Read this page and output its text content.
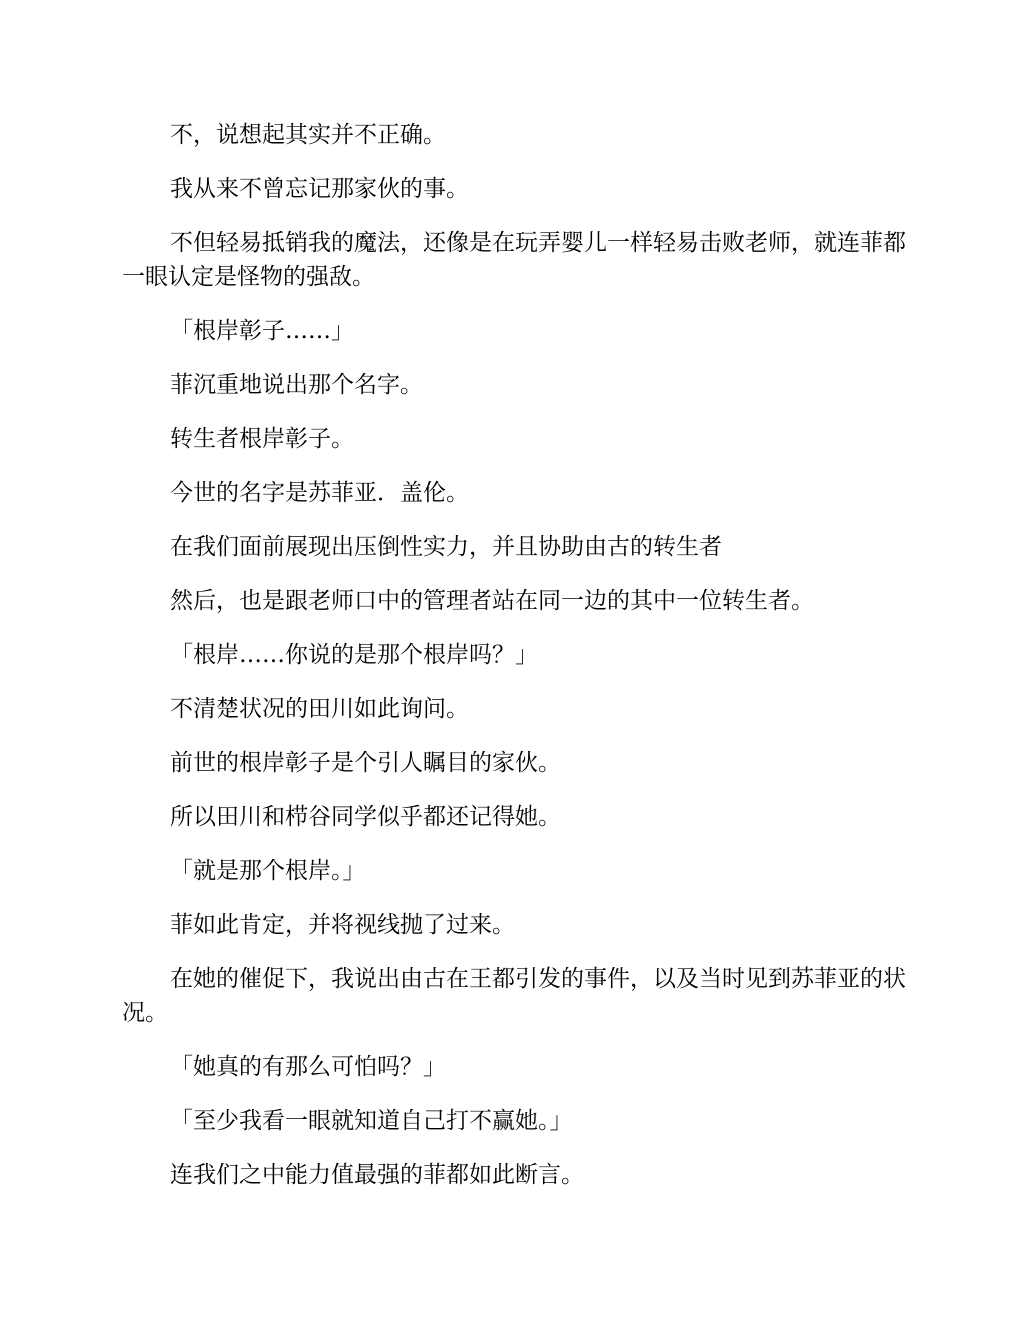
不，说想起其实并不正确。

我从来不曾忘记那家伙的事。

不但轻易抵销我的魔法，还像是在玩弄婴儿一样轻易击败老师，就连菲都一眼认定是怪物的强敌。

「根岸彰子……」

菲沉重地说出那个名字。

转生者根岸彰子。

今世的名字是苏菲亚．盖伦。

在我们面前展现出压倒性实力，并且协助由古的转生者

然后，也是跟老师口中的管理者站在同一边的其中一位转生者。

「根岸……你说的是那个根岸吗？」

不清楚状况的田川如此询问。

前世的根岸彰子是个引人瞩目的家伙。

所以田川和栉谷同学似乎都还记得她。

「就是那个根岸。」

菲如此肯定，并将视线抛了过来。

在她的催促下，我说出由古在王都引发的事件，以及当时见到苏菲亚的状况。

「她真的有那么可怕吗？」

「至少我看一眼就知道自己打不赢她。」

连我们之中能力值最强的菲都如此断言。
